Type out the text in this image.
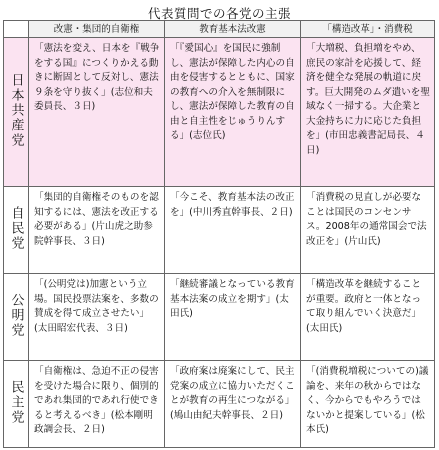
代表質問での各党の主張
	改憲・集団的自衛権	教育基本法改憲	「構造改革」・消費税
日本共産党	「憲法を変え、日本を『戦争をする国』につくりかえる動きに断固として反対し、憲法９条を守り抜く」(志位和夫委員長、３日)	「『愛国心』を国民に強制し、憲法が保障した内心の自由を侵害するとともに、国家の教育への介入を無制限にし、憲法が保障した教育の自由と自主性をじゅうりんする」(志位氏)	「大増税、負担増をやめ、庶民の家計を応援して、経済を健全な発展の軌道に戻す。巨大開発のムダ遣いを聖域なく一掃する。大企業と大金持ちに力に応じた負担を」(市田忠義書記局長、４日)
自民党	「集団的自衛権そのものを認知するには、憲法を改正する必要がある」(片山虎之助参院幹事長、３日)	「今こそ、教育基本法の改正を」(中川秀直幹事長、２日)	「消費税の見直しが必要なことは国民のコンセンサス。2008年の通常国会で法改正を」(片山氏)
公明党	「(公明党は)加憲という立場。国民投票法案を、多数の賛成を得て成立させたい」(太田昭宏代表、３日)	「継続審議となっている教育基本法案の成立を期す」(太田氏)	「構造改革を継続することが重要。政府と一体となって取り組んでいく決意だ」(太田氏)
民主党	「自衛権は、急迫不正の侵害を受けた場合に限り、個別的であれ集団的であれ行使できると考えるべき」(松本剛明政調会長、２日)	「政府案は廃案にして、民主党案の成立に協力いただくことが教育の再生につながる」(鳩山由紀夫幹事長、２日)	「(消費税増税についての)議論を、来年の秋からではなく、今からでもやろうではないかと提案している」(松本氏)
